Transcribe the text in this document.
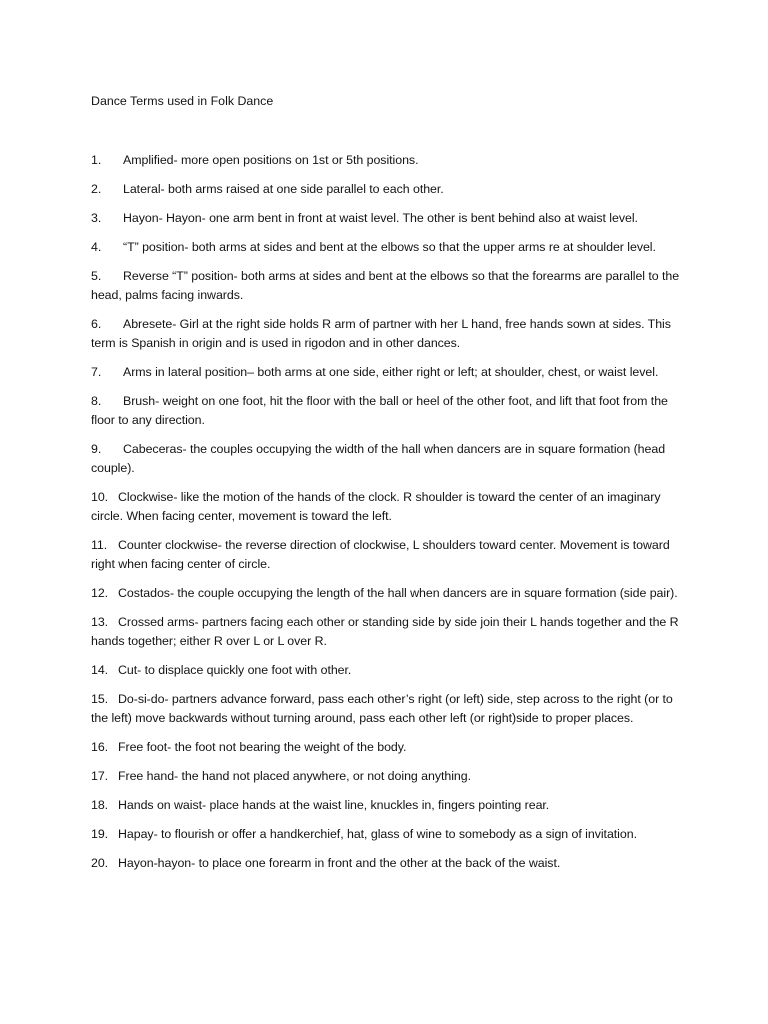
Dance Terms used in Folk Dance
1. Amplified- more open positions on 1st or 5th positions.
2. Lateral- both arms raised at one side parallel to each other.
3. Hayon- Hayon- one arm bent in front at waist level. The other is bent behind also at waist level.
4. “T” position- both arms at sides and bent at the elbows so that the upper arms re at shoulder level.
5. Reverse “T” position- both arms at sides and bent at the elbows so that the forearms are parallel to the head, palms facing inwards.
6. Abresete- Girl at the right side holds R arm of partner with her L hand, free hands sown at sides. This term is Spanish in origin and is used in rigodon and in other dances.
7. Arms in lateral position– both arms at one side, either right or left; at shoulder, chest, or waist level.
8. Brush- weight on one foot, hit the floor with the ball or heel of the other foot, and lift that foot from the floor to any direction.
9. Cabeceras- the couples occupying the width of the hall when dancers are in square formation (head couple).
10. Clockwise- like the motion of the hands of the clock. R shoulder is toward the center of an imaginary circle. When facing center, movement is toward the left.
11. Counter clockwise- the reverse direction of clockwise, L shoulders toward center. Movement is toward right when facing center of circle.
12. Costados- the couple occupying the length of the hall when dancers are in square formation (side pair).
13. Crossed arms- partners facing each other or standing side by side join their L hands together and the R hands together; either R over L or L over R.
14. Cut- to displace quickly one foot with other.
15. Do-si-do- partners advance forward, pass each other’s right (or left) side, step across to the right (or to the left) move backwards without turning around, pass each other left (or right)side to proper places.
16. Free foot- the foot not bearing the weight of the body.
17. Free hand- the hand not placed anywhere, or not doing anything.
18. Hands on waist- place hands at the waist line, knuckles in, fingers pointing rear.
19. Hapay- to flourish or offer a handkerchief, hat, glass of wine to somebody as a sign of invitation.
20. Hayon-hayon- to place one forearm in front and the other at the back of the waist.
